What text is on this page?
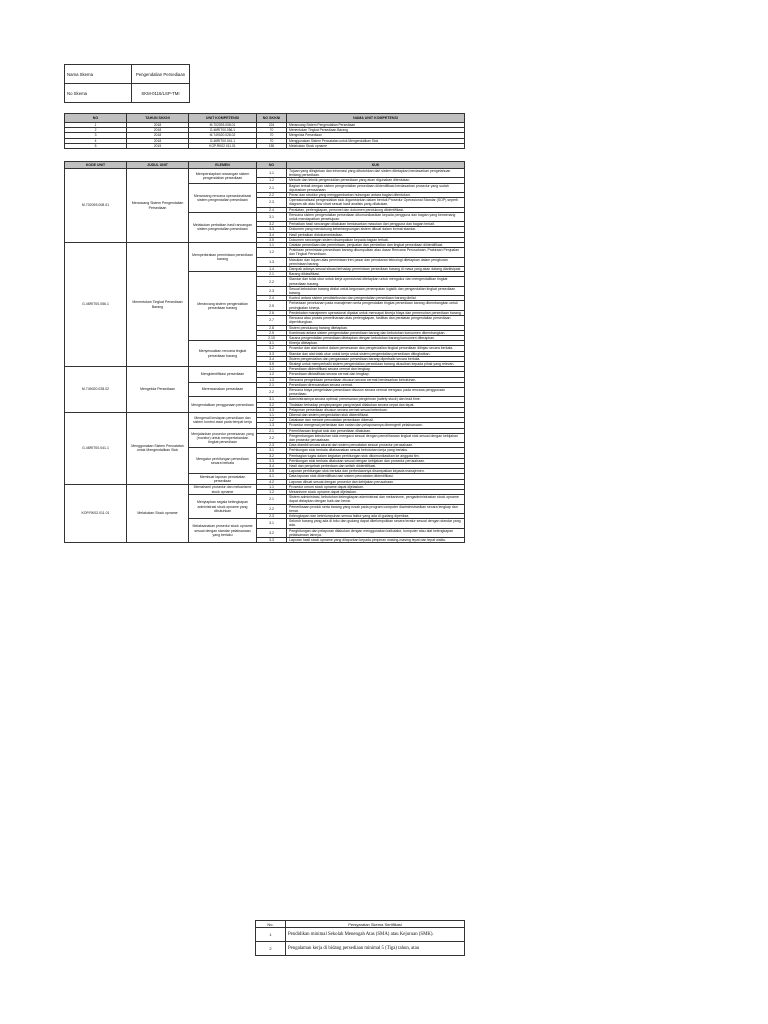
Nama Skema	Pengendalian Persediaan
No Skema	SKM-0116/LSP-TMI
NO	TAHUN SKKNI	UNIT KOMPETENSI	NO SKKNI	NAMA UNIT KOMPETENSI
1	2018	M.702093.008.01	224	Merancang Sistem Pengendalian Persediaan
2	2018	G.46RIT00.056.1	70	Menentukan Tingkat Persediaan Barang
3	2018	M.749020.028.02	70	Mengelola Persediaan
4	2018	G.46RIT00.041.1	70	Menggunakan Sistem Pencatatan untuk Mengendalikan Stok
5	2015	KOP.RK02.011.01	150	Melakukan Stock opname
KODE UNIT	JUDUL UNIT	ELEMEN	NO	KUK
M.702093.008.01	Merancang Sistem Pengendalian Persediaan	Mempersiapkan rancangan sistem pengendalian persediaan	1.1	Tujuan yang diinginkan dan informasi yang dibutuhkan dari sistem ditetapkan berdasarkan pengetahuan tentang persediaan.
			1.2	Metode dan teknik pengendalian persediaan yang akan digunakan ditentukan.
		Merancang rencana operasionalisasi sistem pengendalian persediaan	2.1	Bagian terkait dengan sistem pengendalian persediaan diidentifikasi berdasarkan prosedur yang sudah diputuskan perusahaan.
			2.2	Peran dan struktur yang menggambarkan hubungan antara bagian ditentukan.
			2.3	Operasionalisasi pengendalian stok digambarkan dalam bentuk Prosedur Operasional Standar (SOP) seperti diagram alir atau flow chart sesuai hasil analisis yang dilakukan.
			2.4	Peralatan, perlengkapan, personel dan dokumen pendukung diidentifikasi.
		Melakukan perbaikan hasil rancangan sistem pengendalian persediaan	3.1	Rencana sistem pengendalian persediaan dikomunikasikan kepada pengguna dan bagian yang berwenang untuk mendapatkan persetujuan.
			3.2	Perbaikan hasil rancangan dilakukan berdasarkan masukan dari pengguna dan bagian terkait.
			3.3	Dokumen yang mendukung keberlangsungan sistem dibuat dalam format standar.
			3.4	Hasil perbaikan didokumentasikan.
			3.5	Dokumen rancangan sistem disampaikan kepada bagian terkait.
G.46RIT00.056.1	Menentukan Tingkat Persediaan Barang	Memperkirakan permintaan persediaan barang	1.1	Catatan persediaan dan permintaan, penjualan dan pembelian dan tingkat persediaan diidentifikasi.
			1.2	Prakiraan permintaan persediaan barang dikumpulkan atau dasar Rencana Perusahaan, Prakiraan Penjualan dan Tingkat Persediaan.
			1.3	Masukan dan tujuan atas permintaan tren pasar dan penukaran teknologi ditetapkan dalam pengkuran permintaan barang.
			1.4	Dampak adanya sesuai situasi terhadap permintaan persediaan barang di masa yang akan datang diantisipasi.
		Merancang sistem pengendalian persediaan barang	2.1	Barang diklasifikasi.
			2.2	Standar dan tolak ukur untuk kerja operasional ditetapkan untuk mengukur dan mengendalikan tingkat persediaan barang.
			2.3	Sesuai kebutuhan barang dinilai untuk kegunaan penempatan logistik dan pengendalian tingkat persediaan barang.
			2.4	Kontrol antara sistem pendistribusian dan pengendalian persediaan barang dinilai.
			2.5	Perbedaan penekanan pada manajemen serta pengendalian tingkat persediaan barang dikembangkan untuk peningkatan kinerja.
			2.6	Pendekatan manajemen operasional dipakai untuk mencapai kinerja biaya dan pemenuhan persediaan barang.
			2.7	Rencana atau proses pemeliharaan atas perlengkapan, fasilitas dan peralatan pengendalian persediaan diperhitungkan.
			2.8	Sistem pendukung barang ditetapkan.
			2.9	Kombinasi antara sistem pengendalian persediaan barang dan kebutuhan konsumen dikembangkan.
			2.10	Sarana pengendalian persediaan ditetapkan dengan kebutuhan barang konsumen diterapkan.
		Menyesuaikan rencana tingkat persediaan barang	3.1	Kinerja ditetapkan.
			3.2	Prosedur dan alat kontrol dalam pemesanan dan pengendalian tingkat persediaan ditinjau secara berkala.
			3.3	Standar dan alat tolak ukur untuk kerja untuk sistem pengendalian persediaan ditingkatkan.
			3.4	Sistem pengendalian dan pengawasan persediaan barang diperbaiki secara berkala.
			3.5	Strategi untuk memperbaiki sistem pengendalian persediaan barang diusulkan kepada pihak yang relevan.
M.749020.028.02	Mengelola Persediaan	Mengidentifikasi persediaan	1.1	Persediaan diidentifikasi secara cermat dan lengkap.
			1.2	Persediaan diklasifikasi secara cermat dan lengkap.
			1.3	Rencana pengelolaan persediaan disusun secara cermat berdasarkan kebutuhan.
		Merencanakan persediaan	2.1	Persediaan direncanakan secara cermat.
			2.2	Rencana biaya pengelolaan persediaan disusun secara cermat mengacu pada rencana penggunaan persediaan.
		Mengendalikan penggunaan persediaan	3.1	Administrasinya secara optimal, pemesanan pengiriman (safety stock) dan lead time.
			3.2	Tindakan terhadap penyimpangan yang terjadi dilakukan secara cepat dan tepat.
			3.3	Pelaporan persediaan disusun secara cermat sesuai ketentuan.
G.46RIT00.041.1	Menggunakan Sistem Pencatatan untuk Mengendalikan Stok	Mengenali kesiapan persediaan dan sistem kontrol awal pada tempat kerja	1.1	Dikenal dan sistem pengendalian stok diidentifikasi.
			1.2	Database dan metode pencatatan persediaan dikenali.
			1.3	Prosedur mengenai perbedaan dan varian dan pelaporannya dimengerti pelaksanaan.
		Menjalankan prosedur pemesanan yang (monitor) untuk mempertahankan tingkat persediaan	2.1	Pemeliharaan tingkat stok dan persediaan dilakukan.
			2.2	Pengembangan kebutuhan stok mengacu sesuai dengan pemeliharaan tingkat stok sesuai dengan kebijakan dan prosedur perusahaan.
			2.3	Data diambil secara akurat dari sistem pencatatan sesuai prosedur perusahaan.
		Mengatur perhitungan persediaan secara berkala	3.1	Perhitungan stok berkala dilaksanakan sesuai kebutuhan kerja yang berlaku.
			3.2	Pembagian tugas dalam kegiatan perhitungan stok dikomunikasikan ke anggota tim.
			3.3	Perhitungan stok berkala dilakukan sesuai dengan kebijakan dan prosedur perusahaan.
			3.4	Hasil dan penyebab perbedaan dan selisih diidentifikasi.
			3.5	Laporan perhitungan stok berkala dan perbedaannya disampaikan kepada manajemen.
		Membuat laporan pencatatan persediaan	4.1	Data laporan stok diidentifikasi dari sistem pencatatan diidentifikasi.
			4.2	Laporan dibuat sesuai dengan prosedur dan kebijakan perusahaan.
KOP.RK02.011.01	Melakukan Stock opname	Memahami prosedur dan mekanisme stock opname	1.1	Prosedur umum stock opname dapat dijelaskan.
			1.2	Mekanisme stock opname dapat dijelaskan.
		Menyiapkan segala kelengkapan administrasi stock opname yang dibutuhkan	2.1	Sistem administrasi, kebutuhan kelengkapan administrasi dan mekanisme, pengadministrasian stock opname dapat disiapkan dengan baik dan benar.
			2.2	Pemeriksaan produk serta barang yang rusak pada program computer diadministrasikan secara lengkap dan benar.
			2.3	Kelengkapan dan keterlumpuhan semua faktur yang ada di gudang diperiksa.
		Melaksanakan prosedur stock opname sesuai dengan standar pelaksanaan yang berlaku	3.1	Seluruh barang yang ada di toko dan gudang dapat dikelompokkan secara teratur sesuai dengan standar yang ada.
			3.2	Penghitungan dan pelaporan dilakukan dengan menggunakan kalkulator, komputer atau alat kelengkapan pelaksanaan lainnya.
			3.3	Laporan hasil stock opname yang dilaporkan kepada pimpinan masing-masing tepat dan tepat waktu.
No.	Persyaratan Skema Sertifikasi
1	Pendidikan minimal Sekolah Menengah Atas (SMA) atau Kejuruan (SMK).
2	Pengalaman kerja di bidang persediaan minimal 5 (Tiga) tahun, atau
